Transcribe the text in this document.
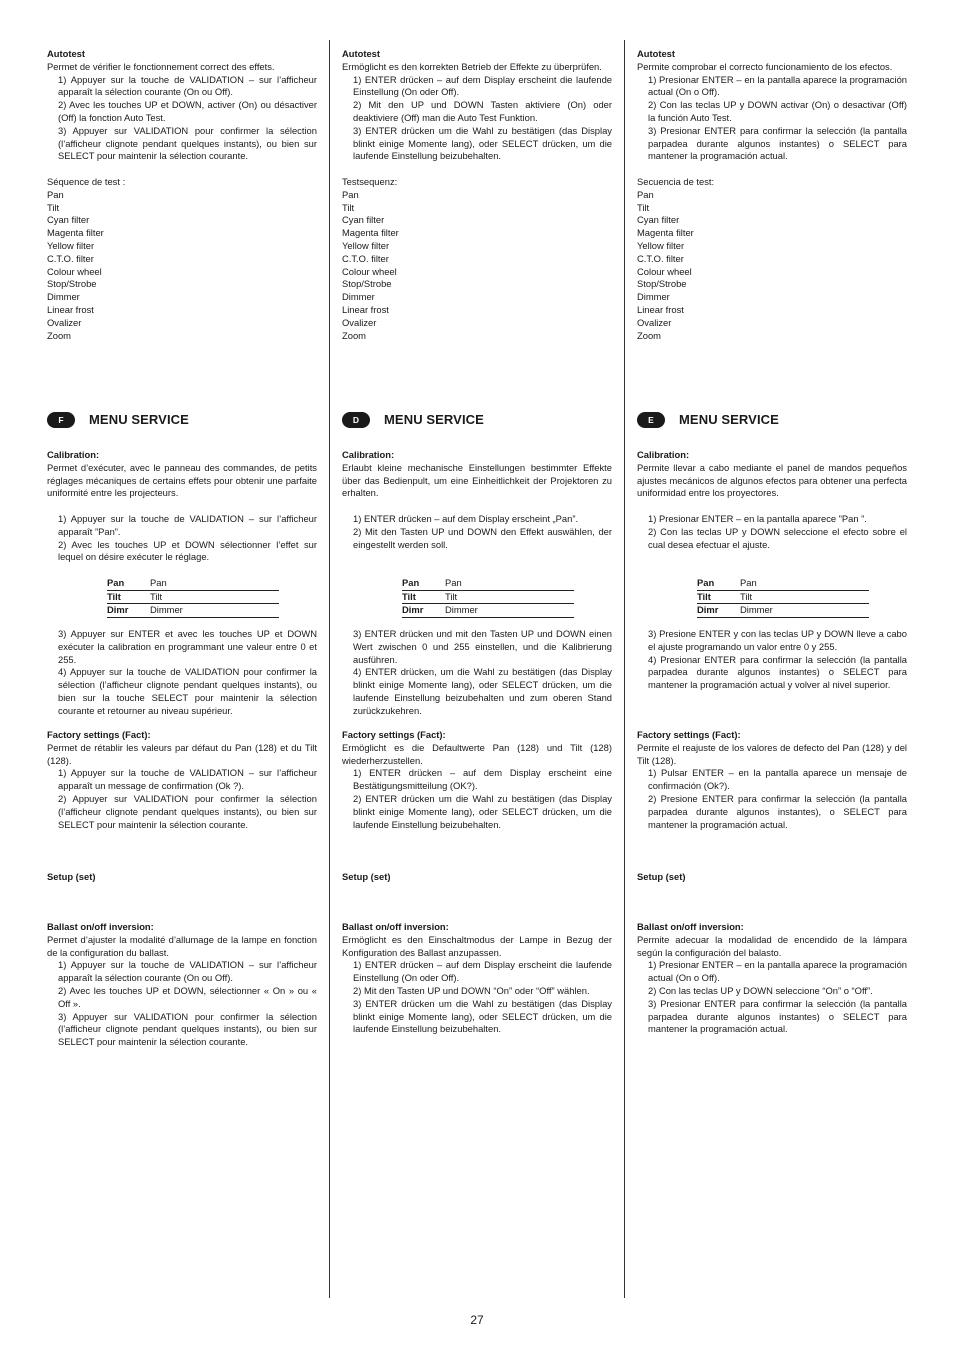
Autotest

Permet de vérifier le fonctionnement correct des effets.

1) Appuyer sur la touche de VALIDATION – sur l’afficheur apparaît la sélection courante (On ou Off).
2) Avec les touches UP et DOWN, activer (On) ou désactiver (Off) la fonction Auto Test.
3) Appuyer sur VALIDATION pour confirmer la sélection (l’afficheur clignote pendant quelques instants), ou bien sur SELECT pour maintenir la sélection courante.
Séquence de test :
Pan
Tilt
Cyan filter
Magenta filter
Yellow filter
C.T.O. filter
Colour wheel
Stop/Strobe
Dimmer
Linear frost
Ovalizer
Zoom
F	MENU SERVICE
Calibration:

Permet d’exécuter, avec le panneau des commandes, de petits réglages mécaniques de certains effets pour obtenir une parfaite uniformité entre les projecteurs.

1) Appuyer sur la touche de VALIDATION – sur l’afficheur apparaît ”Pan”.
2) Avec les touches UP et DOWN sélectionner l’effet sur lequel on désire exécuter le réglage.
Pan	Pan
Tilt	Tilt
Dimr	Dimmer
3) Appuyer sur ENTER et avec les touches UP et DOWN exécuter la calibration en programmant une valeur entre 0 et 255.
4) Appuyer sur la touche de VALIDATION pour confirmer la sélection (l’afficheur clignote pendant quelques instants), ou bien sur la touche SELECT pour maintenir la sélection courante et retourner au niveau supérieur.
Factory settings (Fact):

Permet de rétablir les valeurs par défaut du Pan (128) et du Tilt (128).

1) Appuyer sur la touche de VALIDATION – sur l’afficheur apparaît un message de confirmation (Ok ?).
2) Appuyer sur VALIDATION pour confirmer la sélection (l’afficheur clignote pendant quelques instants), ou bien sur SELECT pour maintenir la sélection courante.
Setup (set)
Ballast on/off inversion:

Permet d’ajuster la modalité d’allumage de la lampe en fonction de la configuration du ballast.

1) Appuyer sur la touche de VALIDATION – sur l’afficheur apparaît la sélection courante (On ou Off).
2) Avec les touches UP et DOWN, sélectionner « On » ou « Off ».
3) Appuyer sur VALIDATION pour confirmer la sélection (l’afficheur clignote pendant quelques instants), ou bien sur SELECT pour maintenir la sélection courante.
Autotest

Ermöglicht es den korrekten Betrieb der Effekte zu überprüfen.

1) ENTER drücken – auf dem Display erscheint die laufende Einstellung (On oder Off).
2) Mit den UP und DOWN Tasten aktiviere (On) oder deaktiviere (Off) man die Auto Test Funktion.
3) ENTER drücken um die Wahl zu bestätigen (das Display blinkt einige Momente lang), oder SELECT drücken, um die laufende Einstellung beizubehalten.
Testsequenz:
Pan
Tilt
Cyan filter
Magenta filter
Yellow filter
C.T.O. filter
Colour wheel
Stop/Strobe
Dimmer
Linear frost
Ovalizer
Zoom
D	MENU SERVICE
Calibration:

Erlaubt kleine mechanische Einstellungen bestimmter Effekte über das Bedienpult, um eine Einheitlichkeit der Projektoren zu erhalten.

1) ENTER drücken – auf dem Display erscheint „Pan”.
2) Mit den Tasten UP und DOWN den Effekt auswählen, der eingestellt werden soll.
Pan	Pan
Tilt	Tilt
Dimr	Dimmer
3) ENTER drücken und mit den Tasten UP und DOWN einen Wert zwischen 0 und 255 einstellen, und die Kalibrierung ausführen.
4) ENTER drücken, um die Wahl zu bestätigen (das Display blinkt einige Momente lang), oder SELECT drücken, um die laufende Einstellung beizubehalten und zum oberen Stand zurückzukehren.
Factory settings (Fact):

Ermöglicht es die Defaultwerte Pan (128) und Tilt (128) wiederherzustellen.

1) ENTER drücken – auf dem Display erscheint eine Bestätigungsmitteilung (OK?).
2) ENTER drücken um die Wahl zu bestätigen (das Display blinkt einige Momente lang), oder SELECT drücken, um die laufende Einstellung beizubehalten.
Setup (set)
Ballast on/off inversion:

Ermöglicht es den Einschaltmodus der Lampe in Bezug der Konfiguration des Ballast anzupassen.

1) ENTER drücken – auf dem Display erscheint die laufende Einstellung (On oder Off).
2) Mit den Tasten UP und DOWN “On” oder “Off” wählen.
3) ENTER drücken um die Wahl zu bestätigen (das Display blinkt einige Momente lang), oder SELECT drücken, um die laufende Einstellung beizubehalten.
Autotest

Permite comprobar el correcto funcionamiento de los efectos.

1) Presionar ENTER – en la pantalla aparece la programación actual (On o Off).
2) Con las teclas UP y DOWN activar (On) o desactivar (Off) la función Auto Test.
3) Presionar ENTER para confirmar la selección (la pantalla parpadea durante algunos instantes) o SELECT para mantener la programación actual.
Secuencia de test:
Pan
Tilt
Cyan filter
Magenta filter
Yellow filter
C.T.O. filter
Colour wheel
Stop/Strobe
Dimmer
Linear frost
Ovalizer
Zoom
E	MENU SERVICE
Calibration:

Permite llevar a cabo mediante el panel de mandos pequeños ajustes mecánicos de algunos efectos para obtener una perfecta uniformidad entre los proyectores.

1) Presionar ENTER – en la pantalla aparece ”Pan ”.
2) Con las teclas UP y DOWN seleccione el efecto sobre el cual desea efectuar el ajuste.
Pan	Pan
Tilt	Tilt
Dimr	Dimmer
3) Presione ENTER y con las teclas UP y DOWN lleve a cabo el ajuste programando un valor entre 0 y 255.
4) Presionar ENTER para confirmar la selección (la pantalla parpadea durante algunos instantes) o SELECT para mantener la programación actual y volver al nivel superior.
Factory settings (Fact):

Permite el reajuste de los valores de defecto del Pan (128) y del Tilt (128).

1) Pulsar ENTER – en la pantalla aparece un mensaje de confirmación (Ok?).
2) Presione ENTER para confirmar la selección (la pantalla parpadea durante algunos instantes), o SELECT para mantener la programación actual.
Setup (set)
Ballast on/off inversion:

Permite adecuar la modalidad de encendido de la lámpara según la configuración del balasto.

1) Presionar ENTER – en la pantalla aparece la programación actual (On o Off).
2) Con las teclas UP y DOWN seleccione “On” o “Off”.
3) Presionar ENTER para confirmar la selección (la pantalla parpadea durante algunos instantes) o SELECT para mantener la programación actual.
27
